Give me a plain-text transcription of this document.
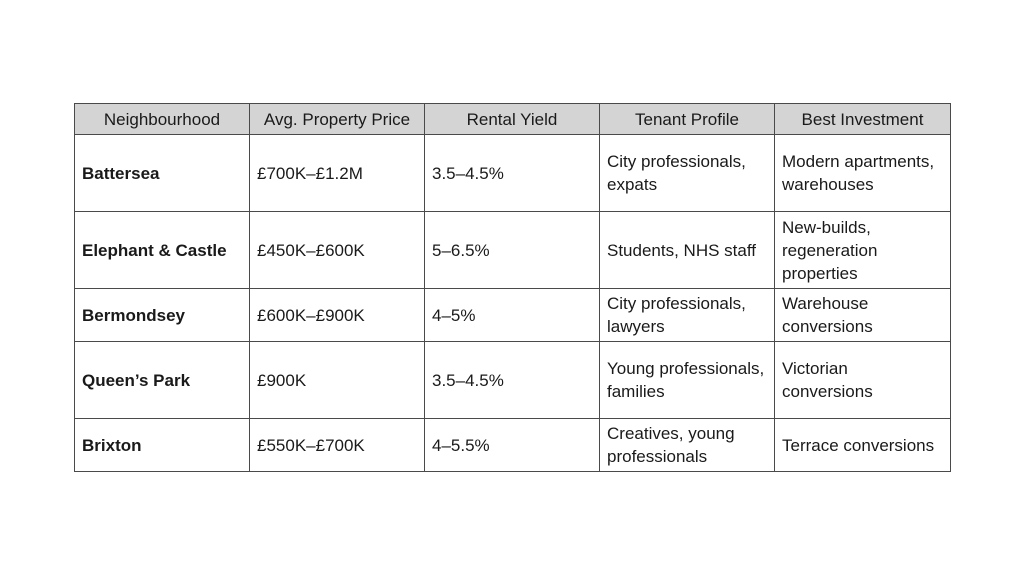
Neighbourhood	Avg. Property Price	Rental Yield	Tenant Profile	Best Investment
Battersea	£700K–£1.2M	3.5–4.5%	City professionals, expats	Modern apartments, warehouses
Elephant & Castle	£450K–£600K	5–6.5%	Students, NHS staff	New-builds, regeneration properties
Bermondsey	£600K–£900K	4–5%	City professionals, lawyers	Warehouse conversions
Queen’s Park	£900K	3.5–4.5%	Young professionals, families	Victorian conversions
Brixton	£550K–£700K	4–5.5%	Creatives, young professionals	Terrace conversions
